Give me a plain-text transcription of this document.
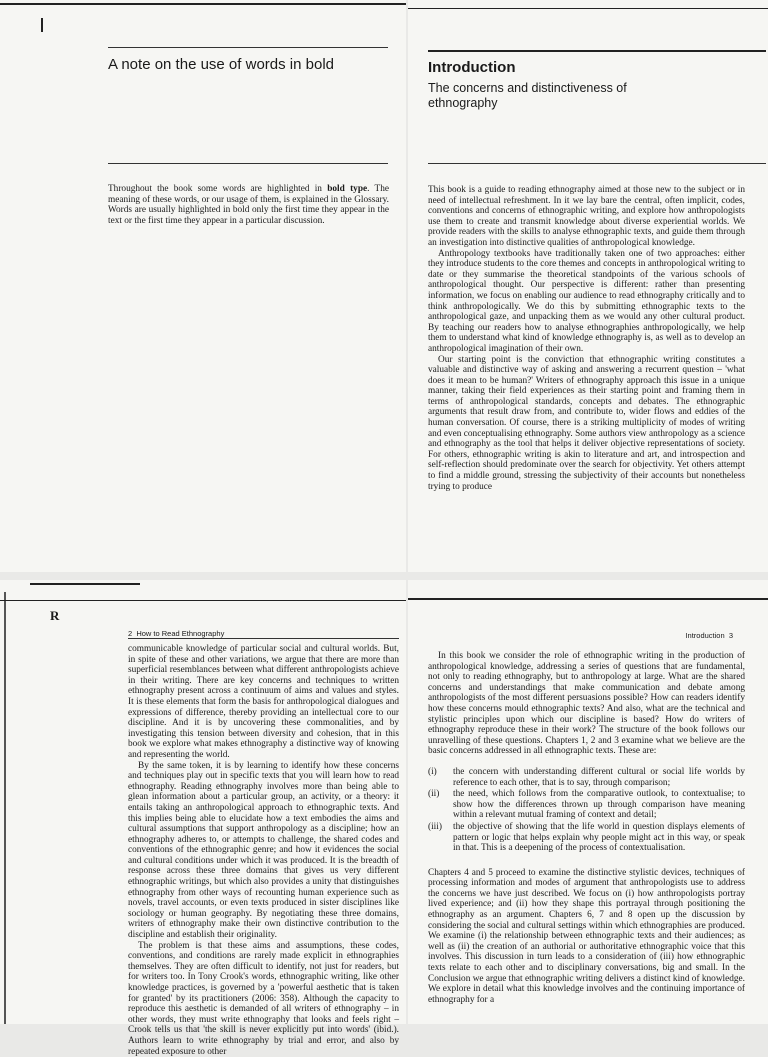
A note on the use of words in bold

Throughout the book some words are highlighted in bold type. The meaning of these words, or our usage of them, is explained in the Glossary. Words are usually highlighted in bold only the first time they appear in the text or the first time they appear in a particular discussion.

Introduction
The concerns and distinctiveness of ethnography

This book is a guide to reading ethnography aimed at those new to the subject or in need of intellectual refreshment. In it we lay bare the central, often implicit, codes, conventions and concerns of ethnographic writing, and explore how anthropologists use them to create and transmit knowledge about diverse experiential worlds. We provide readers with the skills to analyse ethnographic texts, and guide them through an investigation into distinctive qualities of anthropological knowledge.

Anthropology textbooks have traditionally taken one of two approaches: either they introduce students to the core themes and concepts in anthropological writing to date or they summarise the theoretical standpoints of the various schools of anthropological thought. Our perspective is different: rather than presenting information, we focus on enabling our audience to read ethnography critically and to think anthropologically. We do this by submitting ethnographic texts to the anthropological gaze, and unpacking them as we would any other cultural product. By teaching our readers how to analyse ethnographies anthropologically, we help them to understand what kind of knowledge ethnography is, as well as to develop an anthropological imagination of their own.

Our starting point is the conviction that ethnographic writing constitutes a valuable and distinctive way of asking and answering a recurrent question – 'what does it mean to be human?' Writers of ethnography approach this issue in a unique manner, taking their field experiences as their starting point and framing them in terms of anthropological standards, concepts and debates. The ethnographic arguments that result draw from, and contribute to, wider flows and eddies of the human conversation. Of course, there is a striking multiplicity of modes of writing and even conceptualising ethnography. Some authors view anthropology as a science and ethnography as the tool that helps it deliver objective representations of society. For others, ethnographic writing is akin to literature and art, and introspection and self-reflection should predominate over the search for objectivity. Yet others attempt to find a middle ground, stressing the subjectivity of their accounts but nonetheless trying to produce

R
2 How to Read Ethnography

communicable knowledge of particular social and cultural worlds. But, in spite of these and other variations, we argue that there are more than superficial resemblances between what different anthropologists achieve in their writing. There are key concerns and techniques to written ethnography present across a continuum of aims and values and styles. It is these elements that form the basis for anthropological dialogues and expressions of difference, thereby providing an intellectual core to our discipline. And it is by uncovering these commonalities, and by investigating this tension between diversity and cohesion, that in this book we explore what makes ethnography a distinctive way of knowing and representing the world.

By the same token, it is by learning to identify how these concerns and techniques play out in specific texts that you will learn how to read ethnography. Reading ethnography involves more than being able to glean information about a particular group, an activity, or a theory: it entails taking an anthropological approach to ethnographic texts. And this implies being able to elucidate how a text embodies the aims and cultural assumptions that support anthropology as a discipline; how an ethnography adheres to, or attempts to challenge, the shared codes and conventions of the ethnographic genre; and how it evidences the social and cultural conditions under which it was produced. It is the breadth of response across these three domains that gives us very different ethnographic writings, but which also provides a unity that distinguishes ethnography from other ways of recounting human experience such as novels, travel accounts, or even texts produced in sister disciplines like sociology or human geography. By negotiating these three domains, writers of ethnography make their own distinctive contribution to the discipline and establish their originality.

The problem is that these aims and assumptions, these codes, conventions, and conditions are rarely made explicit in ethnographies themselves. They are often difficult to identify, not just for readers, but for writers too. In Tony Crook's words, ethnographic writing, like other knowledge practices, is governed by a 'powerful aesthetic that is taken for granted' by its practitioners (2006: 358). Although the capacity to reproduce this aesthetic is demanded of all writers of ethnography – in other words, they must write ethnography that looks and feels right – Crook tells us that 'the skill is never explicitly put into words' (ibid.). Authors learn to write ethnography by trial and error, and also by repeated exposure to other

Introduction 3

In this book we consider the role of ethnographic writing in the production of anthropological knowledge, addressing a series of questions that are fundamental, not only to reading ethnography, but to anthropology at large. What are the shared concerns and understandings that make communication and debate among anthropologists of the most different persuasions possible? How can readers identify how these concerns mould ethnographic texts? And also, what are the technical and stylistic principles upon which our discipline is based? How do writers of ethnography reproduce these in their work? The structure of the book follows our unravelling of these questions. Chapters 1, 2 and 3 examine what we believe are the basic concerns addressed in all ethnographic texts. These are:

(i) the concern with understanding different cultural or social life worlds by reference to each other, that is to say, through comparison;
(ii) the need, which follows from the comparative outlook, to contextualise; to show how the differences thrown up through comparison have meaning within a relevant mutual framing of context and detail;
(iii) the objective of showing that the life world in question displays elements of pattern or logic that helps explain why people might act in this way, or speak in that. This is a deepening of the process of contextualisation.

Chapters 4 and 5 proceed to examine the distinctive stylistic devices, techniques of processing information and modes of argument that anthropologists use to address the concerns we have just described. We focus on (i) how anthropologists portray lived experience; and (ii) how they shape this portrayal through positioning the ethnography as an argument. Chapters 6, 7 and 8 open up the discussion by considering the social and cultural settings within which ethnographies are produced. We examine (i) the relationship between ethnographic texts and their audiences; as well as (ii) the creation of an authorial or authoritative ethnographic voice that this involves. This discussion in turn leads to a consideration of (iii) how ethnographic texts relate to each other and to disciplinary conversations, big and small. In the Conclusion we argue that ethnographic writing delivers a distinct kind of knowledge. We explore in detail what this knowledge involves and the continuing importance of ethnography for a
